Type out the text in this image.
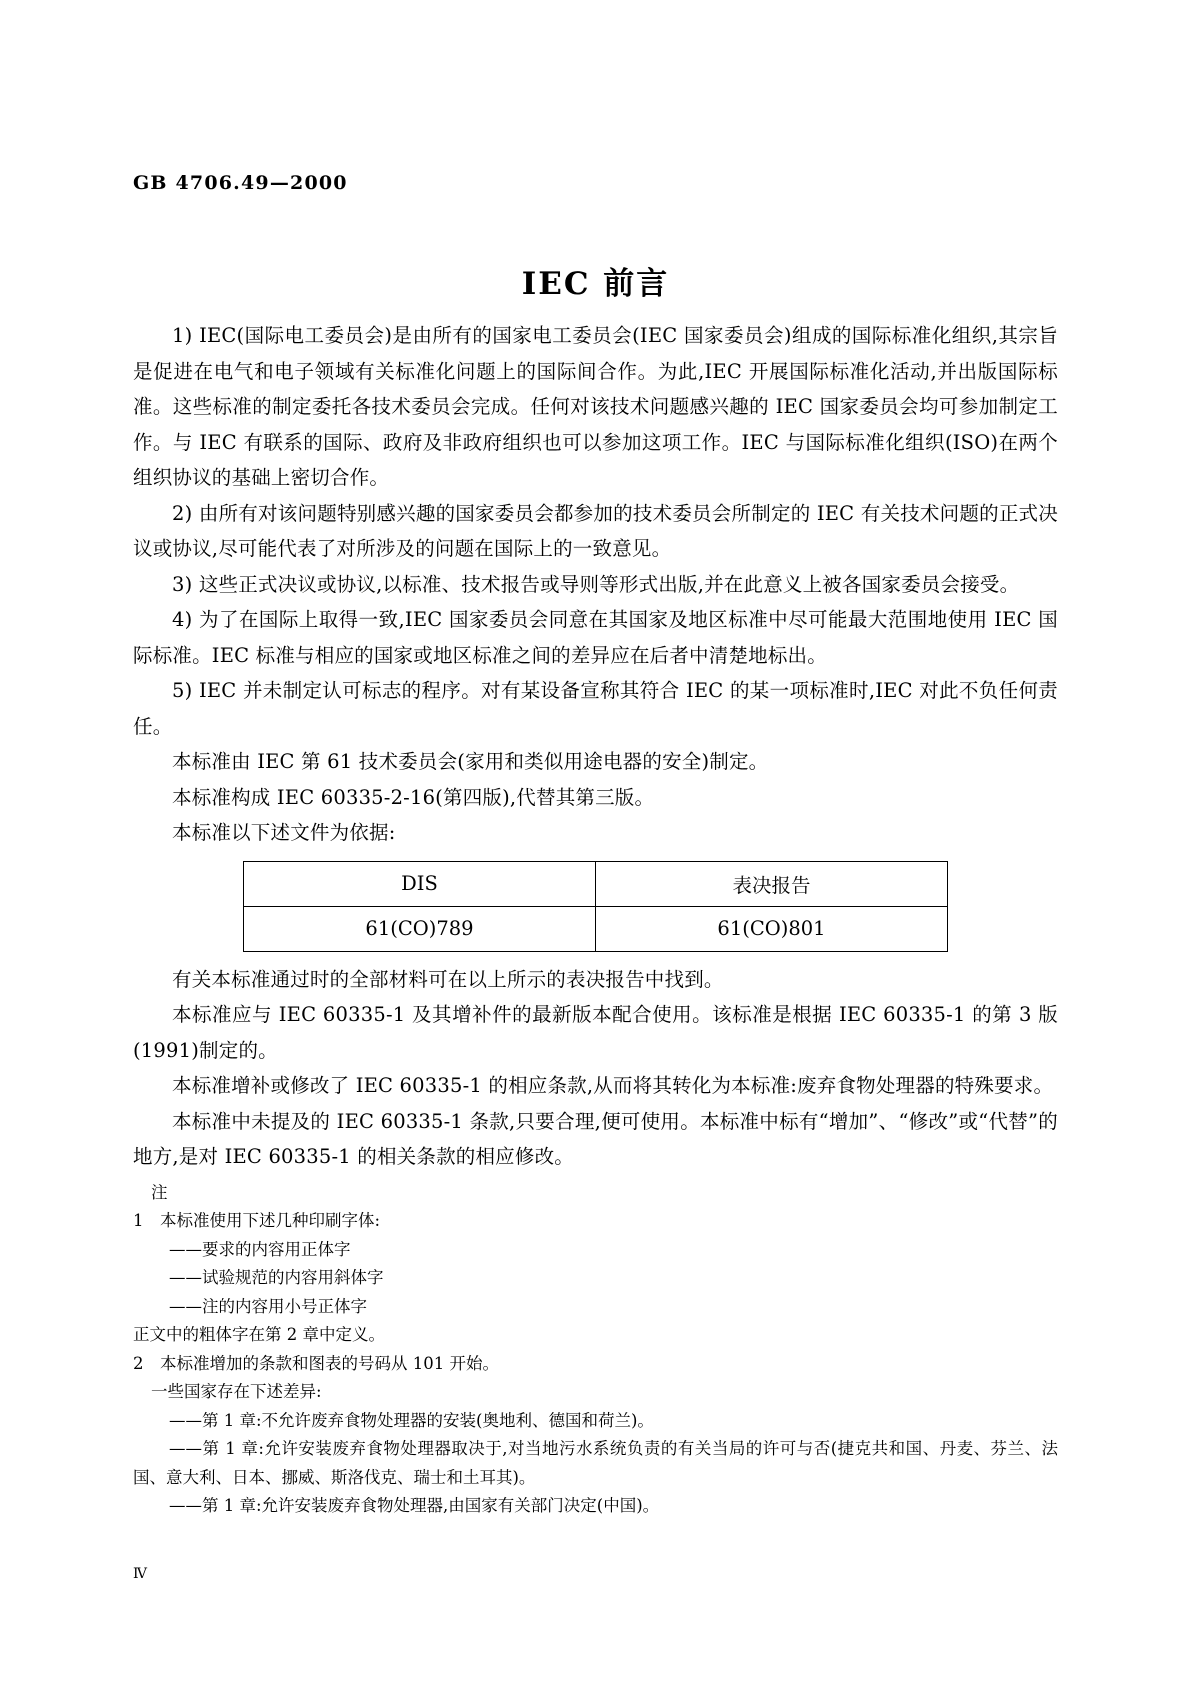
GB 4706.49—2000
IEC 前言

1) IEC(国际电工委员会)是由所有的国家电工委员会(IEC 国家委员会)组成的国际标准化组织,其宗旨是促进在电气和电子领域有关标准化问题上的国际间合作。为此,IEC 开展国际标准化活动,并出版国际标准。这些标准的制定委托各技术委员会完成。任何对该技术问题感兴趣的 IEC 国家委员会均可参加制定工作。与 IEC 有联系的国际、政府及非政府组织也可以参加这项工作。IEC 与国际标准化组织(ISO)在两个组织协议的基础上密切合作。

2) 由所有对该问题特别感兴趣的国家委员会都参加的技术委员会所制定的 IEC 有关技术问题的正式决议或协议,尽可能代表了对所涉及的问题在国际上的一致意见。

3) 这些正式决议或协议,以标准、技术报告或导则等形式出版,并在此意义上被各国家委员会接受。

4) 为了在国际上取得一致,IEC 国家委员会同意在其国家及地区标准中尽可能最大范围地使用 IEC 国际标准。IEC 标准与相应的国家或地区标准之间的差异应在后者中清楚地标出。

5) IEC 并未制定认可标志的程序。对有某设备宣称其符合 IEC 的某一项标准时,IEC 对此不负任何责任。

本标准由 IEC 第 61 技术委员会(家用和类似用途电器的安全)制定。

本标准构成 IEC 60335-2-16(第四版),代替其第三版。

本标准以下述文件为依据:

DIS	表决报告
61(CO)789	61(CO)801

有关本标准通过时的全部材料可在以上所示的表决报告中找到。

本标准应与 IEC 60335-1 及其增补件的最新版本配合使用。该标准是根据 IEC 60335-1 的第 3 版(1991)制定的。

本标准增补或修改了 IEC 60335-1 的相应条款,从而将其转化为本标准:废弃食物处理器的特殊要求。

本标准中未提及的 IEC 60335-1 条款,只要合理,便可使用。本标准中标有“增加”、“修改”或“代替”的地方,是对 IEC 60335-1 的相关条款的相应修改。

注

1　本标准使用下述几种印刷字体:

——要求的内容用正体字

——试验规范的内容用斜体字

——注的内容用小号正体字

正文中的粗体字在第 2 章中定义。

2　本标准增加的条款和图表的号码从 101 开始。

一些国家存在下述差异:

——第 1 章:不允许废弃食物处理器的安装(奥地利、德国和荷兰)。

——第 1 章:允许安装废弃食物处理器取决于,对当地污水系统负责的有关当局的许可与否(捷克共和国、丹麦、芬兰、法国、意大利、日本、挪威、斯洛伐克、瑞士和土耳其)。

——第 1 章:允许安装废弃食物处理器,由国家有关部门决定(中国)。

Ⅳ
